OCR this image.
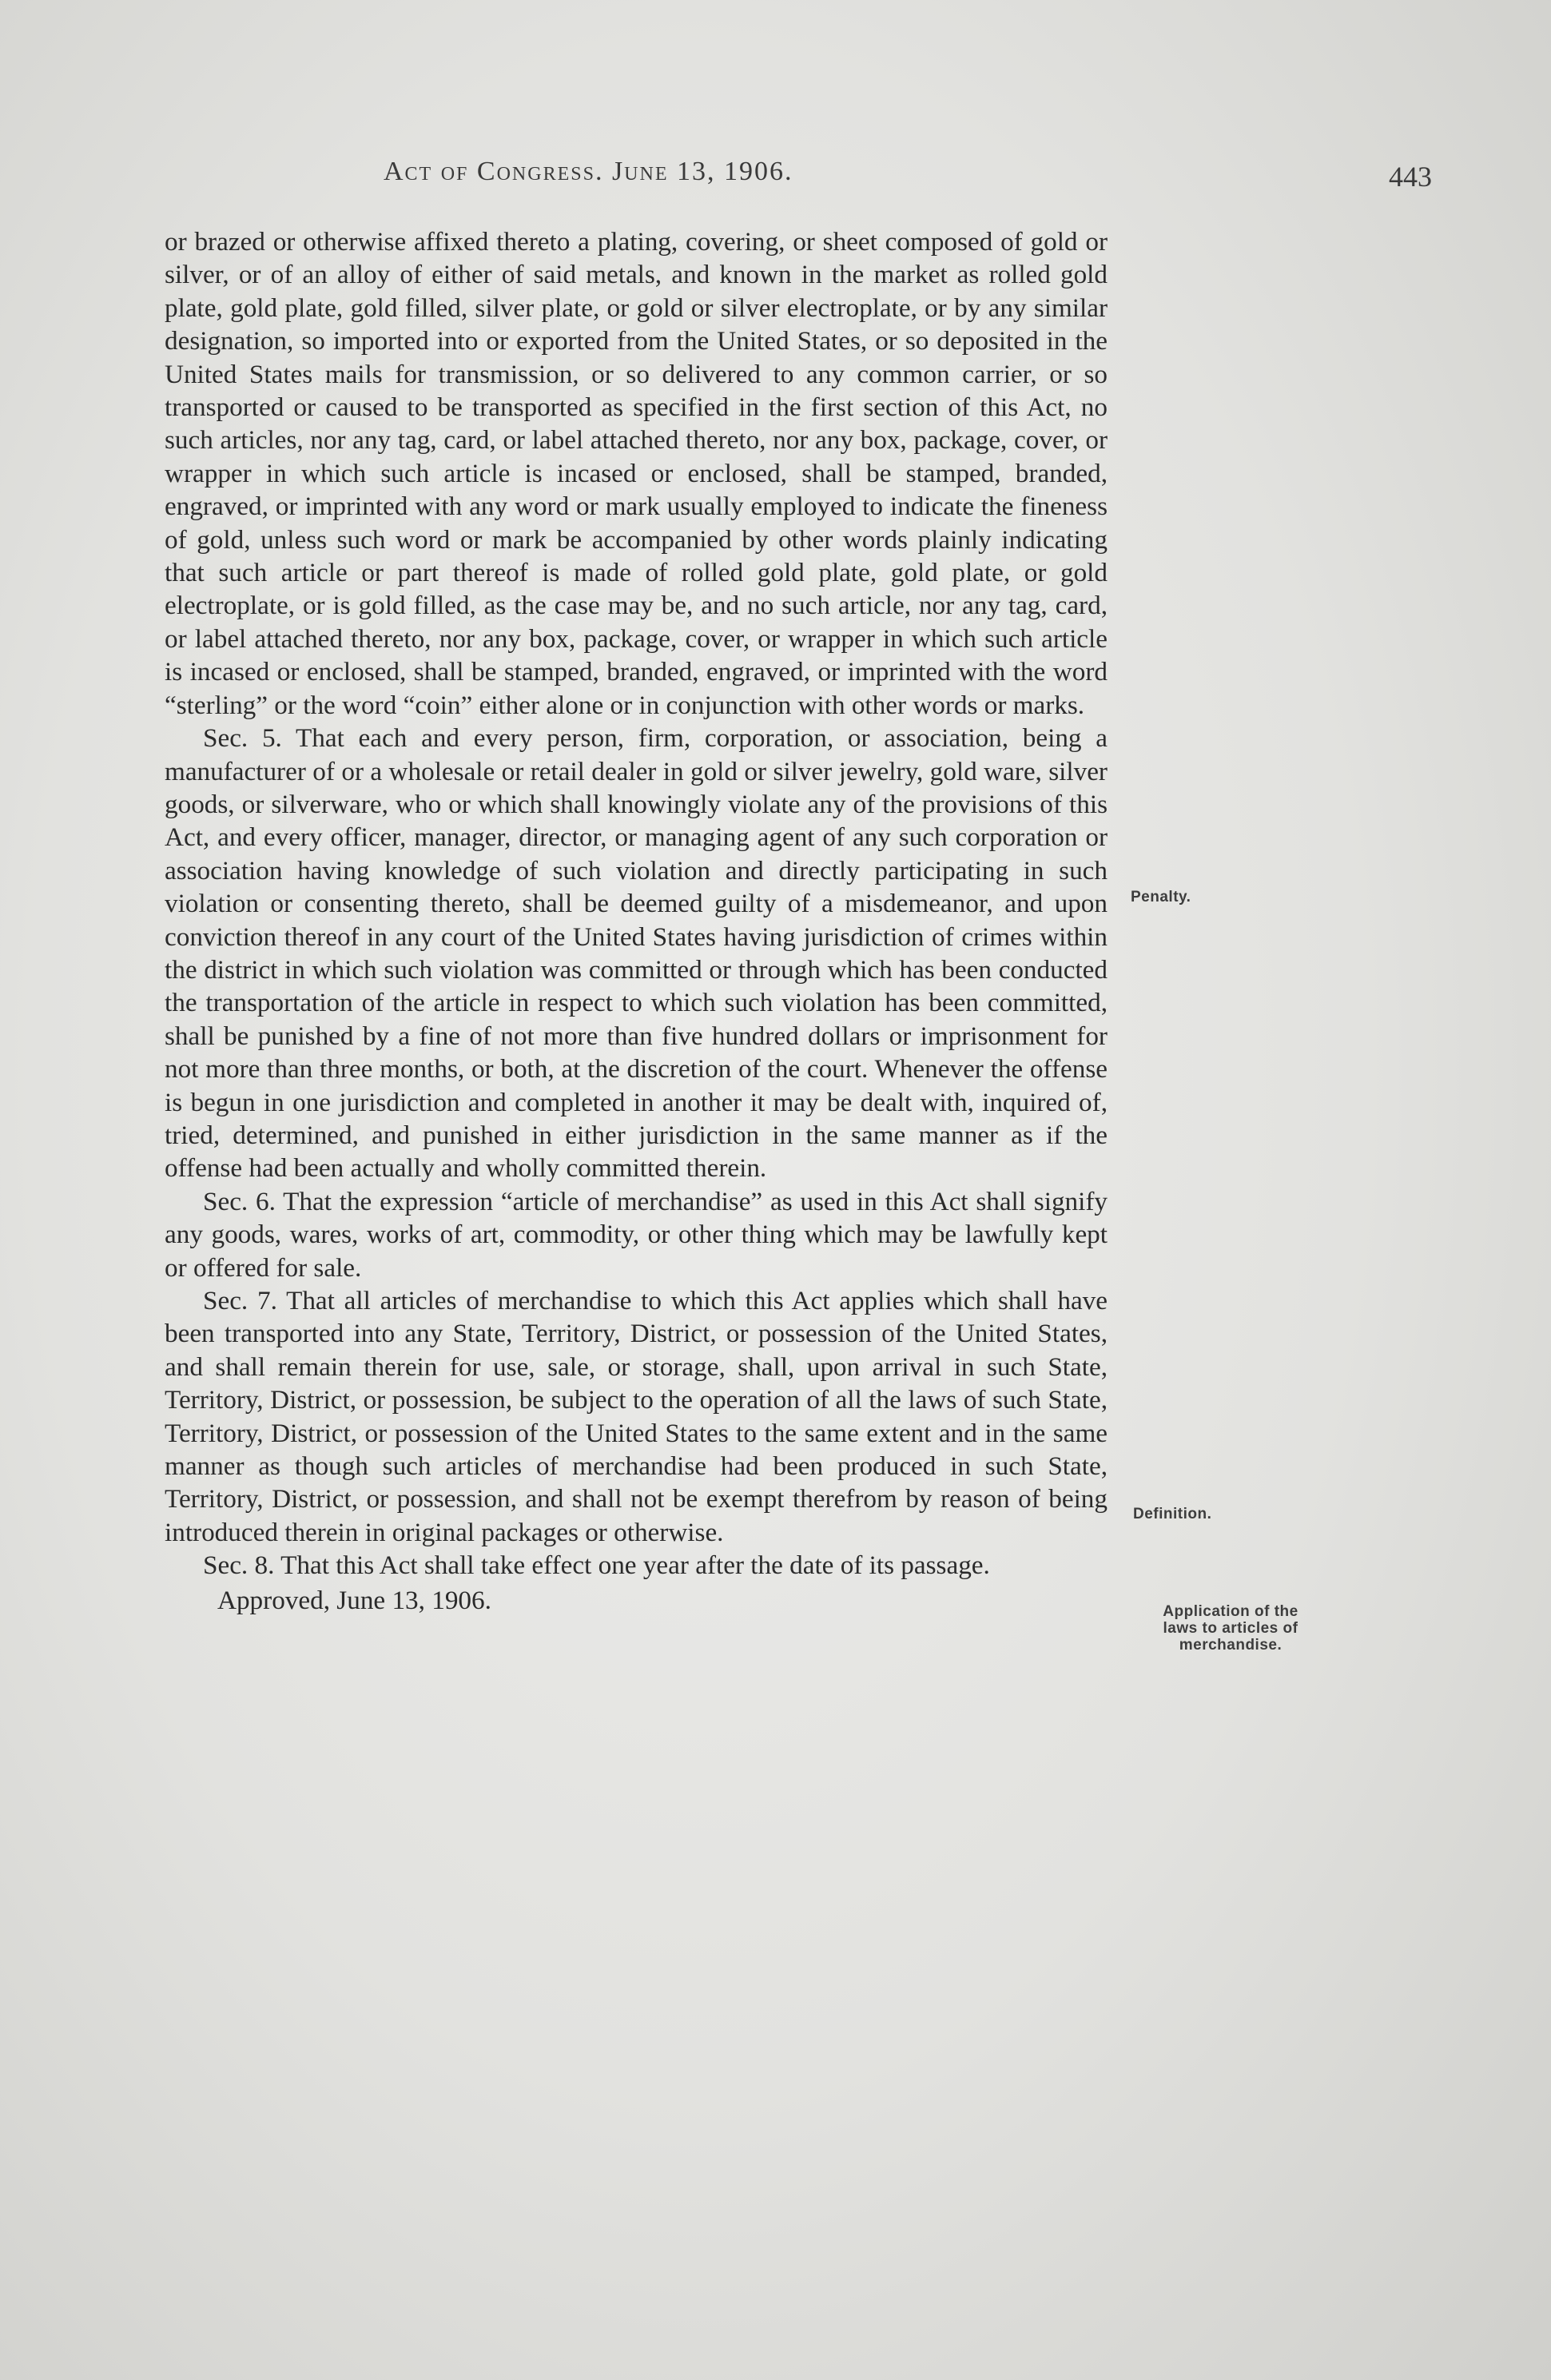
Act of Congress. June 13, 1906.	443

or brazed or otherwise affixed thereto a plating, covering, or sheet composed of gold or silver, or of an alloy of either of said metals, and known in the market as rolled gold plate, gold plate, gold filled, silver plate, or gold or silver electroplate, or by any similar designation, so imported into or exported from the United States, or so deposited in the United States mails for transmission, or so delivered to any common carrier, or so transported or caused to be transported as specified in the first section of this Act, no such articles, nor any tag, card, or label attached thereto, nor any box, package, cover, or wrapper in which such article is incased or enclosed, shall be stamped, branded, engraved, or imprinted with any word or mark usually employed to indicate the fineness of gold, unless such word or mark be accompanied by other words plainly indicating that such article or part thereof is made of rolled gold plate, gold plate, or gold electroplate, or is gold filled, as the case may be, and no such article, nor any tag, card, or label attached thereto, nor any box, package, cover, or wrapper in which such article is incased or enclosed, shall be stamped, branded, engraved, or imprinted with the word “sterling” or the word “coin” either alone or in conjunction with other words or marks.

Sec. 5. That each and every person, firm, corporation, or association, being a manufacturer of or a wholesale or retail dealer in gold or silver jewelry, gold ware, silver goods, or silverware, who or which shall knowingly violate any of the provisions of this Act, and every officer, manager, director, or managing agent of any such corporation or association having knowledge of such violation and directly participating in such violation or consenting thereto, shall be deemed guilty of a misdemeanor, and upon conviction thereof in any court of the United States having jurisdiction of crimes within the district in which such violation was committed or through which has been conducted the transportation of the article in respect to which such violation has been committed, shall be punished by a fine of not more than five hundred dollars or imprisonment for not more than three months, or both, at the discretion of the court. Whenever the offense is begun in one jurisdiction and completed in another it may be dealt with, inquired of, tried, determined, and punished in either jurisdiction in the same manner as if the offense had been actually and wholly committed therein.

Sec. 6. That the expression “article of merchandise” as used in this Act shall signify any goods, wares, works of art, commodity, or other thing which may be lawfully kept or offered for sale.

Sec. 7. That all articles of merchandise to which this Act applies which shall have been transported into any State, Territory, District, or possession of the United States, and shall remain therein for use, sale, or storage, shall, upon arrival in such State, Territory, District, or possession, be subject to the operation of all the laws of such State, Territory, District, or possession of the United States to the same extent and in the same manner as though such articles of merchandise had been produced in such State, Territory, District, or possession, and shall not be exempt therefrom by reason of being introduced therein in original packages or otherwise.

Sec. 8. That this Act shall take effect one year after the date of its passage.

Approved, June 13, 1906.

Penalty.
Definition.
Application of the
laws to articles of
merchandise.
